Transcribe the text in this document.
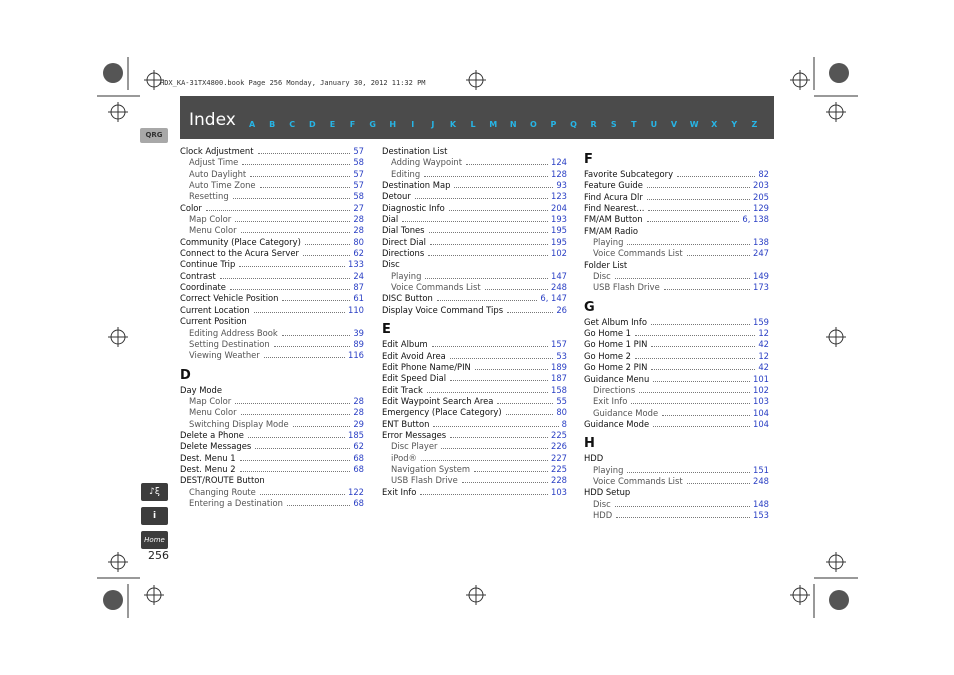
HDX_KA-31TX4800.book Page 256 Monday, January 30, 2012 11:32 PM
Index	A	B	C	D	E	F	G	H	I	J	K	L	M	N	O	P	Q	R	S	T	U	V	W	X	Y	Z
QRG
Clock Adjustment	57
Adjust Time	58
Auto Daylight	57
Auto Time Zone	57
Resetting	58
Color	27
Map Color	28
Menu Color	28
Community (Place Category)	80
Connect to the Acura Server	62
Continue Trip	133
Contrast	24
Coordinate	87
Correct Vehicle Position	61
Current Location	110
Current Position
Editing Address Book	39
Setting Destination	89
Viewing Weather	116
D
Day Mode
Map Color	28
Menu Color	28
Switching Display Mode	29
Delete a Phone	185
Delete Messages	62
Dest. Menu 1	68
Dest. Menu 2	68
DEST/ROUTE Button
Changing Route	122
Entering a Destination	68
Destination List
Adding Waypoint	124
Editing	128
Destination Map	93
Detour	123
Diagnostic Info	204
Dial	193
Dial Tones	195
Direct Dial	195
Directions	102
Disc
Playing	147
Voice Commands List	248
DISC Button	6, 147
Display Voice Command Tips	26
E
Edit Album	157
Edit Avoid Area	53
Edit Phone Name/PIN	189
Edit Speed Dial	187
Edit Track	158
Edit Waypoint Search Area	55
Emergency (Place Category)	80
ENT Button	8
Error Messages	225
Disc Player	226
iPod®	227
Navigation System	225
USB Flash Drive	228
Exit Info	103
F
Favorite Subcategory	82
Feature Guide	203
Find Acura Dlr	205
Find Nearest...	129
FM/AM Button	6, 138
FM/AM Radio
Playing	138
Voice Commands List	247
Folder List
Disc	149
USB Flash Drive	173
G
Get Album Info	159
Go Home 1	12
Go Home 1 PIN	42
Go Home 2	12
Go Home 2 PIN	42
Guidance Menu	101
Directions	102
Exit Info	103
Guidance Mode	104
Guidance Mode	104
H
HDD
Playing	151
Voice Commands List	248
HDD Setup
Disc	148
HDD	153
♪ξ
i
Home
256
